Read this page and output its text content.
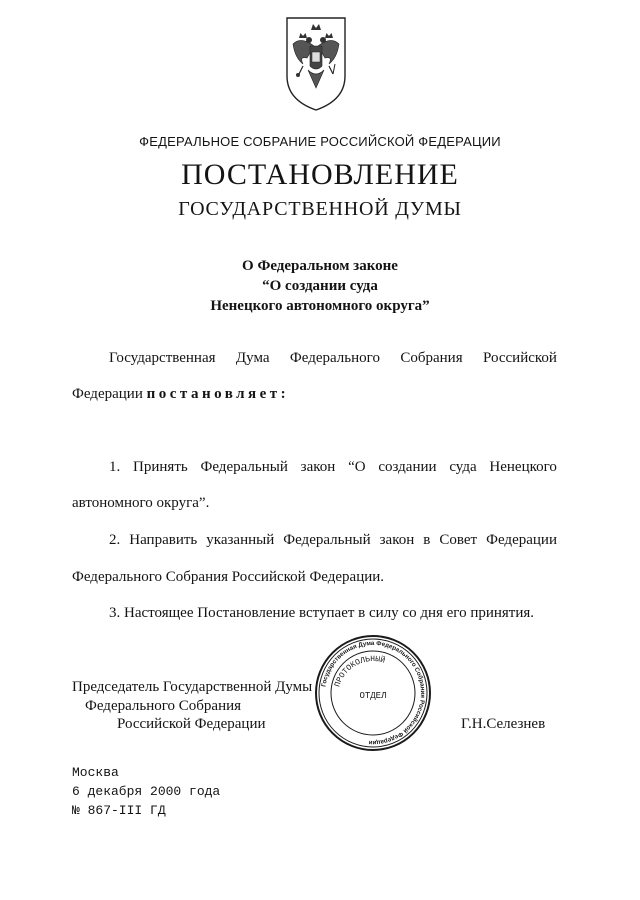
ФЕДЕРАЛЬНОЕ СОБРАНИЕ РОССИЙСКОЙ ФЕДЕРАЦИИ
ПОСТАНОВЛЕНИЕ
ГОСУДАРСТВЕННОЙ ДУМЫ
О Федеральном законе
“О создании суда
Ненецкого автономного округа”
Государственная Дума Федерального Собрания Российской
Федерации постановляет:
1. Принять Федеральный закон “О создании суда Ненецкого
автономного округа”.
2. Направить указанный Федеральный закон в Совет Федерации
Федерального Собрания Российской Федерации.
3. Настоящее Постановление вступает в силу со дня его принятия.
Председатель Государственной Думы
Федерального Собрания
Российской Федерации	Г.Н.Селезнев
Государственная Дума Федерального Собрания Российской Федерации
ПРОТОКОЛЬНЫЙ
ОТДЕЛ
Москва
6 декабря 2000 года
№ 867-III ГД
